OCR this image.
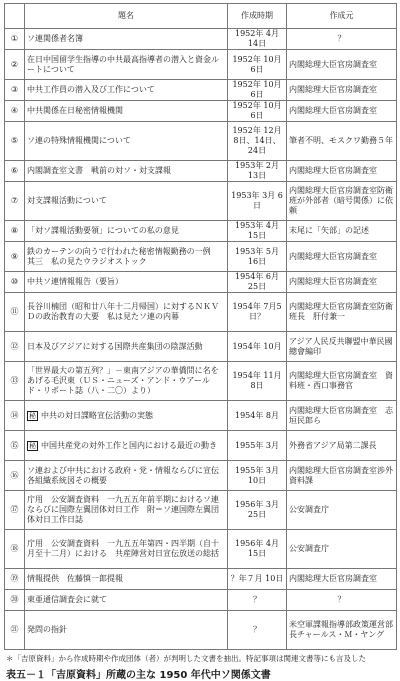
	題名	作成時期	作成元
①	ソ連関係者名簿	1952年 4月14日	？
②	在日中国留学生指導の中共最高指導者の潜入と資金ルートについて	1952年 10月 6日	内閣総理大臣官房調査室
③	中共工作員の潜入及び工作について	1952年 10月 6日	内閣総理大臣官房調査室
④	中共関係在日秘密情報機関	1952年 10月 6日	内閣総理大臣官房調査室
⑤	ソ連の特殊情報機関について	1952年 12月8日、14日、24日	筆者不明、モスクワ勤務５年
⑥	内閣調査室文書　戦前の対ソ・対支諜報	1953年 2月13日	内閣総理大臣官房調査室
⑦	対支諜報活動について	1953年 3月 6日	内閣総理大臣官房調査室防衛班が外部者（暗号関係）に依頼
⑧	「対ソ諜報活動要領」についての私の意見	1953年 4月15日	末尾に「矢部」の記述
⑨	鉄のカーテンの向うで行われた秘密情報勤務の一例　其三　私の見たウラジオストック	1953年 5月16日	内閣総理大臣官房調査室
⑩	中共ソ連情報報告（要旨）	1954年 6月25日	内閣総理大臣官房調査室
⑪	長谷川楠団（昭和廿八年十二月帰国）に対するＮＫＶＤの政治教育の大要　私は見たソ連の内幕	1954年 7月5日？	内閣総理大臣官房調査室防衛班長　肝付兼一
⑫	日本及びアジアに対する国際共産集団の陰謀活動	1954年 10月	アジア人民反共聯盟中華民國總會編印
⑬	「世界最大の第五列？」－東南アジアの華僑問に名をあげる毛沢東（ＵＳ・ニューズ・アンド・ウアールド・リポート誌（八・二〇）より）	1954年 11月 8日	内閣総理大臣官房調査室　資料班・西口事務官
⑭	秘 中共の対日諜略宣伝活動の実態	1954年 8月	内閣総理大臣官房調査室　志垣民郎ら
⑮	秘 中国共産党の対外工作と国内における最近の動き	1955年 3月	外務省アジア局第二課長
⑯	ソ連および中共における政府・党・情報ならびに宣伝各組織系統図その概要	1955年 3月10日	内閣総理大臣官房調査室渉外資料課
⑰	庁用　公安調査資料　一九五五年前半期におけるソ連ならびに国際左翼団体対日工作　附＝ソ連国際左翼団体対日工作日誌	1956年 3月25日	公安調査庁
⑱	庁用　公安調査資料　一九五五年第四・四半期（自十月至十二月）における　共産陣営対日宣伝放送の総括	1956年 4月15日	公安調査庁
⑲	情報提供　佐藤慎一郎提報	？年７月 10日	内閣総理大臣官房調査室
⑳	東亜通信調査会に就て	？	？
㉑	発問の指針	？	米空軍諜報指導部政策運営部長チャールス・Ｍ・ヤング
＊「吉原資料」から作成時期や作成団体（者）が判明した文書を抽出。特記事項は関連文書等にも言及した
表五－１「吉原資料」所蔵の主な 1950 年代中ソ関係文書
